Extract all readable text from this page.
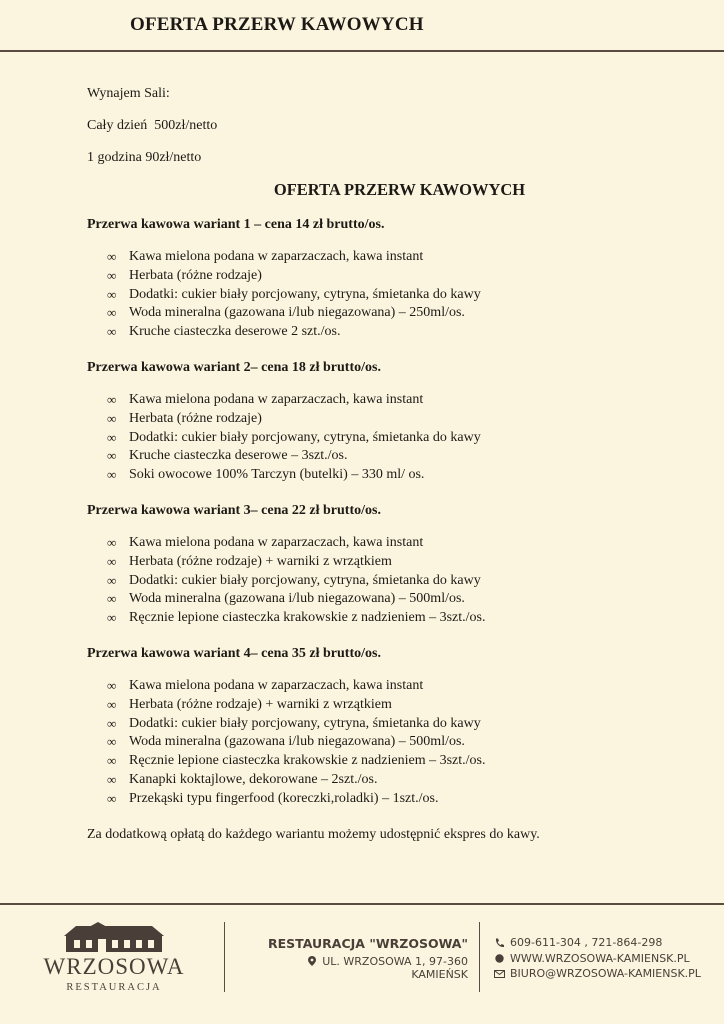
OFERTA PRZERW KAWOWYCH

Wynajem Sali:

Cały dzień  500zł/netto

1 godzina 90zł/netto

OFERTA PRZERW KAWOWYCH
Przerwa kawowa wariant 1 – cena 14 zł brutto/os.
∞ Kawa mielona podana w zaparzaczach, kawa instant
∞ Herbata (różne rodzaje)
∞ Dodatki: cukier biały porcjowany, cytryna, śmietanka do kawy
∞ Woda mineralna (gazowana i/lub niegazowana) – 250ml/os.
∞ Kruche ciasteczka deserowe 2 szt./os.
Przerwa kawowa wariant 2– cena 18 zł brutto/os.
∞ Kawa mielona podana w zaparzaczach, kawa instant
∞ Herbata (różne rodzaje)
∞ Dodatki: cukier biały porcjowany, cytryna, śmietanka do kawy
∞ Kruche ciasteczka deserowe – 3szt./os.
∞ Soki owocowe 100% Tarczyn (butelki) – 330 ml/ os.
Przerwa kawowa wariant 3– cena 22 zł brutto/os.
∞ Kawa mielona podana w zaparzaczach, kawa instant
∞ Herbata (różne rodzaje) + warniki z wrzątkiem
∞ Dodatki: cukier biały porcjowany, cytryna, śmietanka do kawy
∞ Woda mineralna (gazowana i/lub niegazowana) – 500ml/os.
∞ Ręcznie lepione ciasteczka krakowskie z nadzieniem – 3szt./os.
Przerwa kawowa wariant 4– cena 35 zł brutto/os.
∞ Kawa mielona podana w zaparzaczach, kawa instant
∞ Herbata (różne rodzaje) + warniki z wrzątkiem
∞ Dodatki: cukier biały porcjowany, cytryna, śmietanka do kawy
∞ Woda mineralna (gazowana i/lub niegazowana) – 500ml/os.
∞ Ręcznie lepione ciasteczka krakowskie z nadzieniem – 3szt./os.
∞ Kanapki koktajlowe, dekorowane – 2szt./os.
∞ Przekąski typu fingerfood (koreczki,roladki) – 1szt./os.
Za dodatkową opłatą do każdego wariantu możemy udostępnić ekspres do kawy.
WRZOSOWA
RESTAURACJA
RESTAURACJA "WRZOSOWA"
UL. WRZOSOWA 1, 97-360 KAMIEŃSK
609-611-304 , 721-864-298
WWW.WRZOSOWA-KAMIENSK.PL
BIURO@WRZOSOWA-KAMIENSK.PL
